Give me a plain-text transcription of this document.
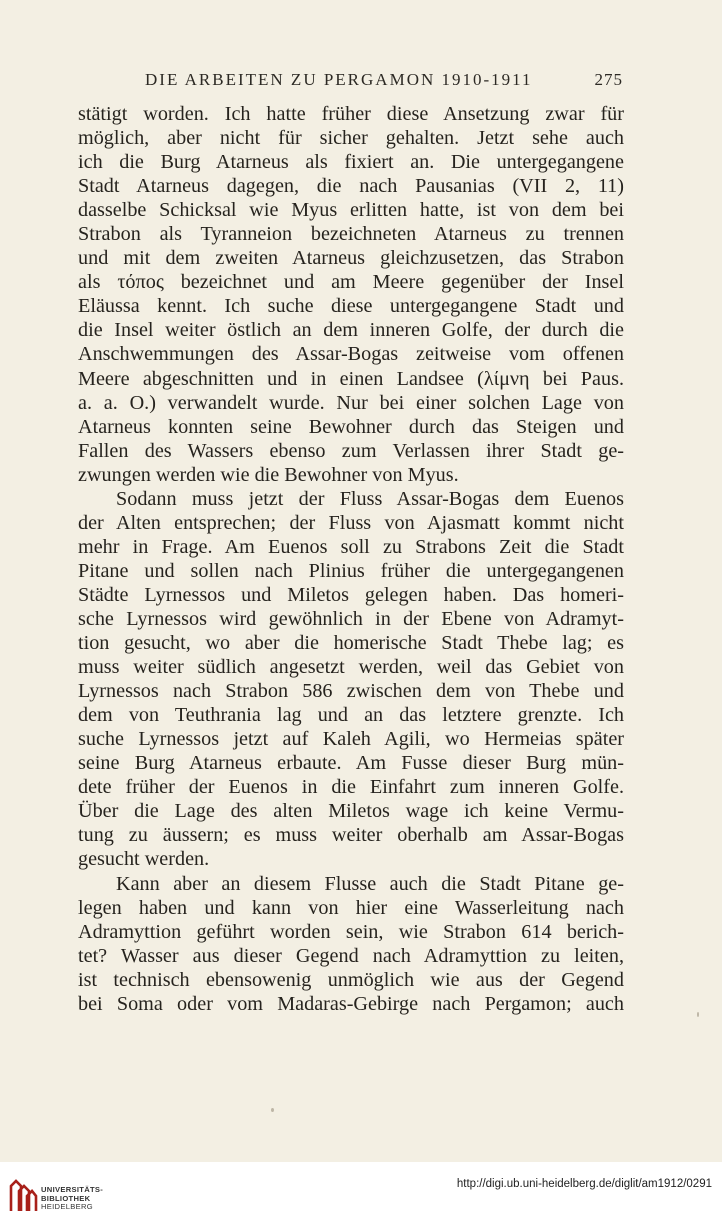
DIE ARBEITEN ZU PERGAMON 1910-1911	275
stätigt worden. Ich hatte früher diese Ansetzung zwar für
möglich, aber nicht für sicher gehalten. Jetzt sehe auch
ich die Burg Atarneus als fixiert an. Die untergegangene
Stadt Atarneus dagegen, die nach Pausanias (VII 2, 11)
dasselbe Schicksal wie Myus erlitten hatte, ist von dem bei
Strabon als Tyranneion bezeichneten Atarneus zu trennen
und mit dem zweiten Atarneus gleichzusetzen, das Strabon
als τόπος bezeichnet und am Meere gegenüber der Insel
Eläussa kennt. Ich suche diese untergegangene Stadt und
die Insel weiter östlich an dem inneren Golfe, der durch die
Anschwemmungen des Assar-Bogas zeitweise vom offenen
Meere abgeschnitten und in einen Landsee (λίμνη bei Paus.
a. a. O.) verwandelt wurde. Nur bei einer solchen Lage von
Atarneus konnten seine Bewohner durch das Steigen und
Fallen des Wassers ebenso zum Verlassen ihrer Stadt ge-
zwungen werden wie die Bewohner von Myus.
Sodann muss jetzt der Fluss Assar-Bogas dem Euenos
der Alten entsprechen; der Fluss von Ajasmatt kommt nicht
mehr in Frage. Am Euenos soll zu Strabons Zeit die Stadt
Pitane und sollen nach Plinius früher die untergegangenen
Städte Lyrnessos und Miletos gelegen haben. Das homeri-
sche Lyrnessos wird gewöhnlich in der Ebene von Adramyt-
tion gesucht, wo aber die homerische Stadt Thebe lag; es
muss weiter südlich angesetzt werden, weil das Gebiet von
Lyrnessos nach Strabon 586 zwischen dem von Thebe und
dem von Teuthrania lag und an das letztere grenzte. Ich
suche Lyrnessos jetzt auf Kaleh Agili, wo Hermeias später
seine Burg Atarneus erbaute. Am Fusse dieser Burg mün-
dete früher der Euenos in die Einfahrt zum inneren Golfe.
Über die Lage des alten Miletos wage ich keine Vermu-
tung zu äussern; es muss weiter oberhalb am Assar-Bogas
gesucht werden.
Kann aber an diesem Flusse auch die Stadt Pitane ge-
legen haben und kann von hier eine Wasserleitung nach
Adramyttion geführt worden sein, wie Strabon 614 berich-
tet? Wasser aus dieser Gegend nach Adramyttion zu leiten,
ist technisch ebensowenig unmöglich wie aus der Gegend
bei Soma oder vom Madaras-Gebirge nach Pergamon; auch
UNIVERSITÄTS-
BIBLIOTHEK
HEIDELBERG
http://digi.ub.uni-heidelberg.de/diglit/am1912/0291
